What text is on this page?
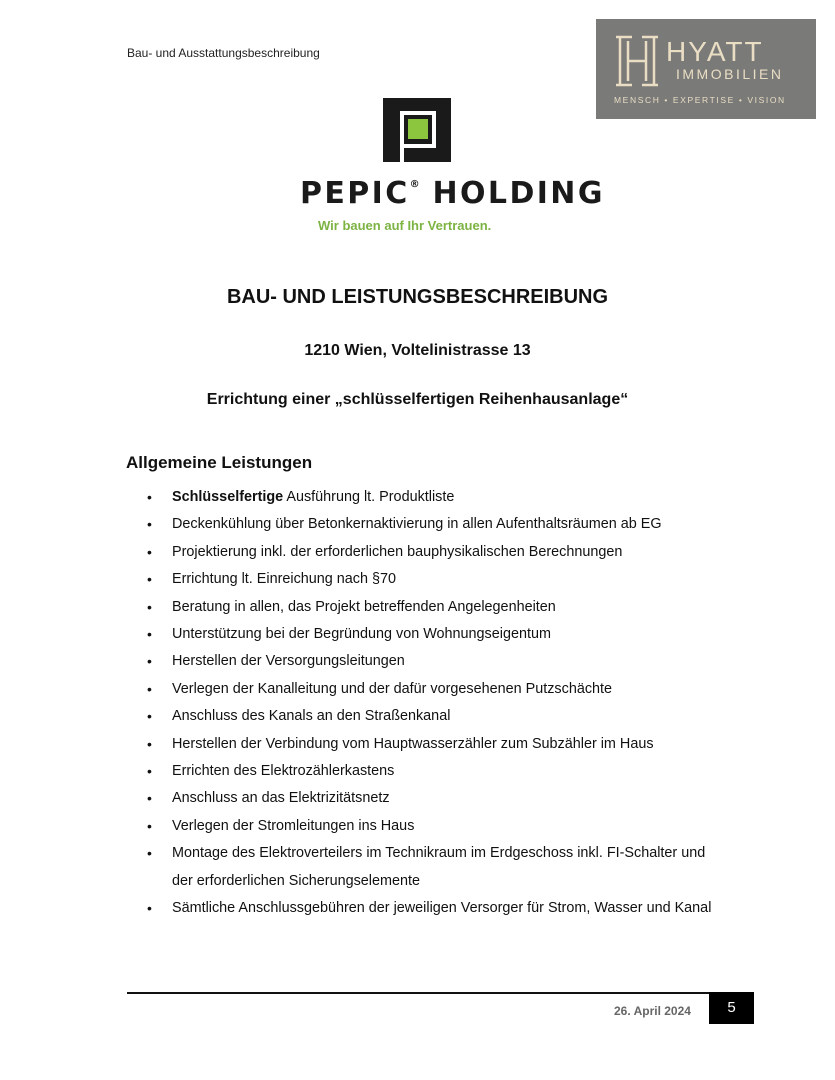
Bau- und Ausstattungsbeschreibung	HYATT
IMMOBILIEN
MENSCH • EXPERTISE • VISION
PEPIC® HOLDING
Wir bauen auf Ihr Vertrauen.
BAU- UND LEISTUNGSBESCHREIBUNG
1210 Wien, Voltelinistrasse 13
Errichtung einer „schlüsselfertigen Reihenhausanlage“
Allgemeine Leistungen
• Schlüsselfertige Ausführung lt. Produktliste
• Deckenkühlung über Betonkernaktivierung in allen Aufenthaltsräumen ab EG
• Projektierung inkl. der erforderlichen bauphysikalischen Berechnungen
• Errichtung lt. Einreichung nach §70
• Beratung in allen, das Projekt betreffenden Angelegenheiten
• Unterstützung bei der Begründung von Wohnungseigentum
• Herstellen der Versorgungsleitungen
• Verlegen der Kanalleitung und der dafür vorgesehenen Putzschächte
• Anschluss des Kanals an den Straßenkanal
• Herstellen der Verbindung vom Hauptwasserzähler zum Subzähler im Haus
• Errichten des Elektrozählerkastens
• Anschluss an das Elektrizitätsnetz
• Verlegen der Stromleitungen ins Haus
• Montage des Elektroverteilers im Technikraum im Erdgeschoss inkl. FI-Schalter und der erforderlichen Sicherungselemente
• Sämtliche Anschlussgebühren der jeweiligen Versorger für Strom, Wasser und Kanal
26. April 2024	5
